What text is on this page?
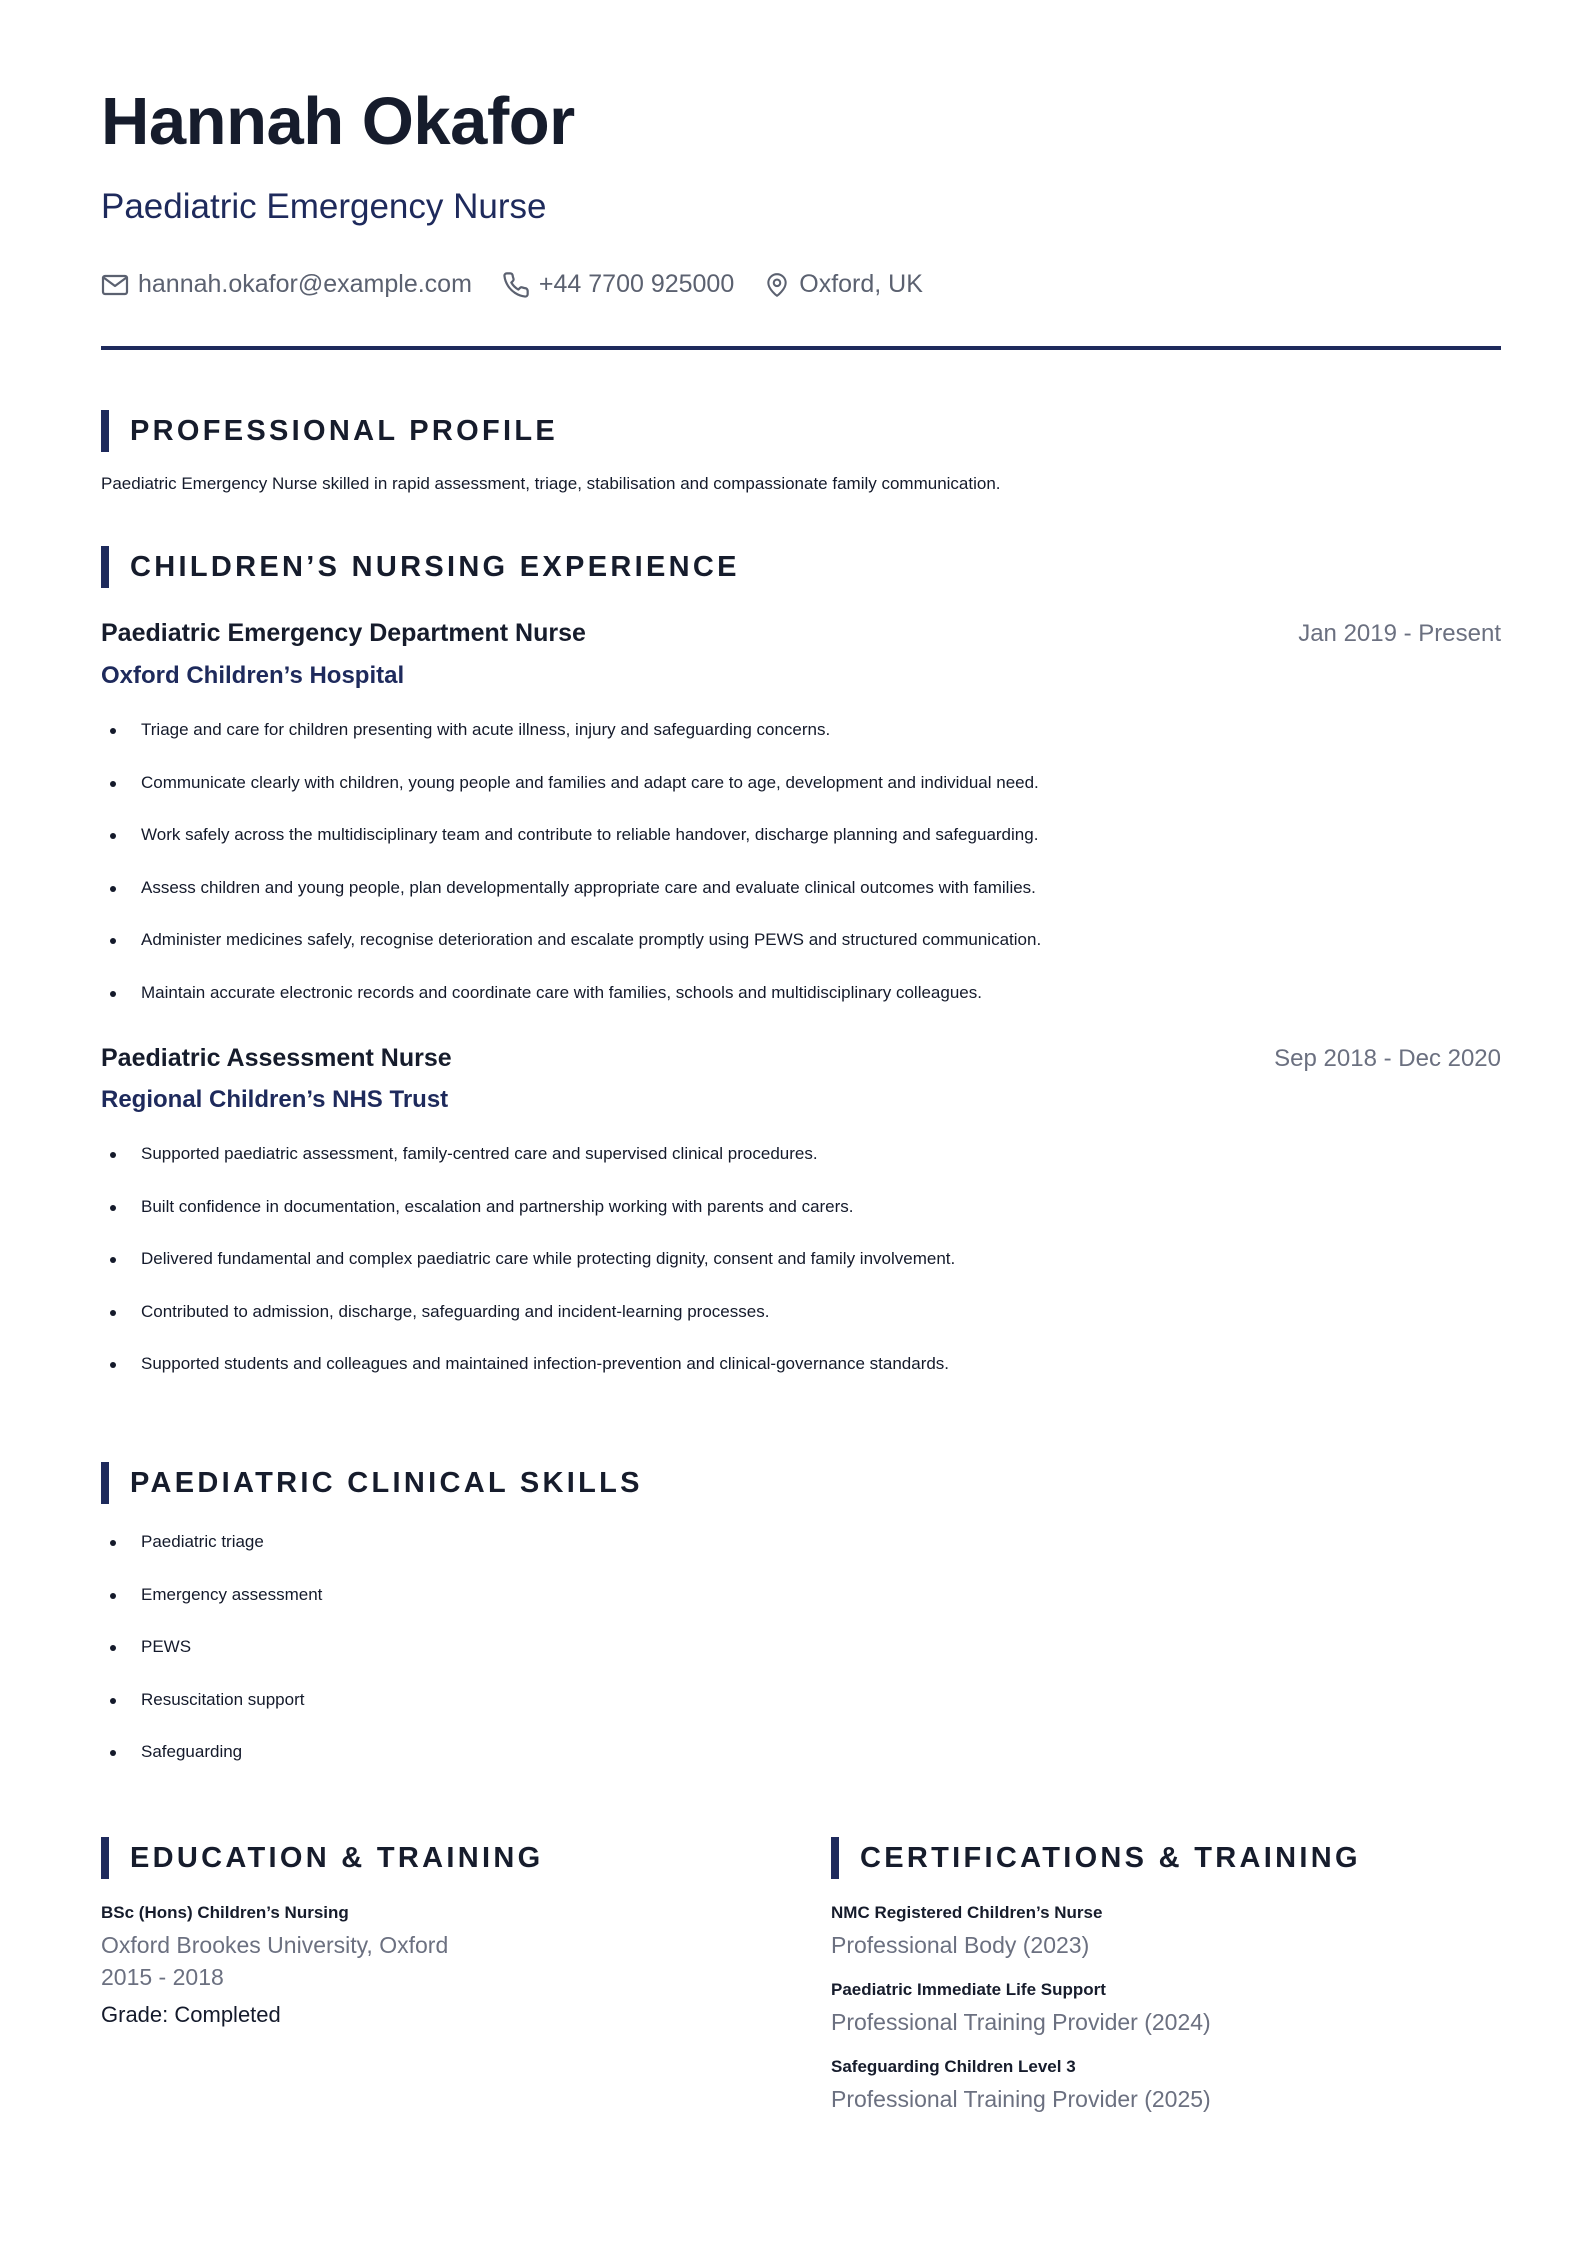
Hannah Okafor
Paediatric Emergency Nurse
hannah.okafor@example.com	+44 7700 925000	Oxford, UK
PROFESSIONAL PROFILE
Paediatric Emergency Nurse skilled in rapid assessment, triage, stabilisation and compassionate family communication.
CHILDREN’S NURSING EXPERIENCE
Paediatric Emergency Department Nurse	Jan 2019 - Present
Oxford Children’s Hospital
Triage and care for children presenting with acute illness, injury and safeguarding concerns.
Communicate clearly with children, young people and families and adapt care to age, development and individual need.
Work safely across the multidisciplinary team and contribute to reliable handover, discharge planning and safeguarding.
Assess children and young people, plan developmentally appropriate care and evaluate clinical outcomes with families.
Administer medicines safely, recognise deterioration and escalate promptly using PEWS and structured communication.
Maintain accurate electronic records and coordinate care with families, schools and multidisciplinary colleagues.
Paediatric Assessment Nurse	Sep 2018 - Dec 2020
Regional Children’s NHS Trust
Supported paediatric assessment, family-centred care and supervised clinical procedures.
Built confidence in documentation, escalation and partnership working with parents and carers.
Delivered fundamental and complex paediatric care while protecting dignity, consent and family involvement.
Contributed to admission, discharge, safeguarding and incident-learning processes.
Supported students and colleagues and maintained infection-prevention and clinical-governance standards.
PAEDIATRIC CLINICAL SKILLS
Paediatric triage
Emergency assessment
PEWS
Resuscitation support
Safeguarding
EDUCATION & TRAINING
BSc (Hons) Children’s Nursing
Oxford Brookes University, Oxford
2015 - 2018
Grade: Completed
CERTIFICATIONS & TRAINING
NMC Registered Children’s Nurse
Professional Body (2023)
Paediatric Immediate Life Support
Professional Training Provider (2024)
Safeguarding Children Level 3
Professional Training Provider (2025)
